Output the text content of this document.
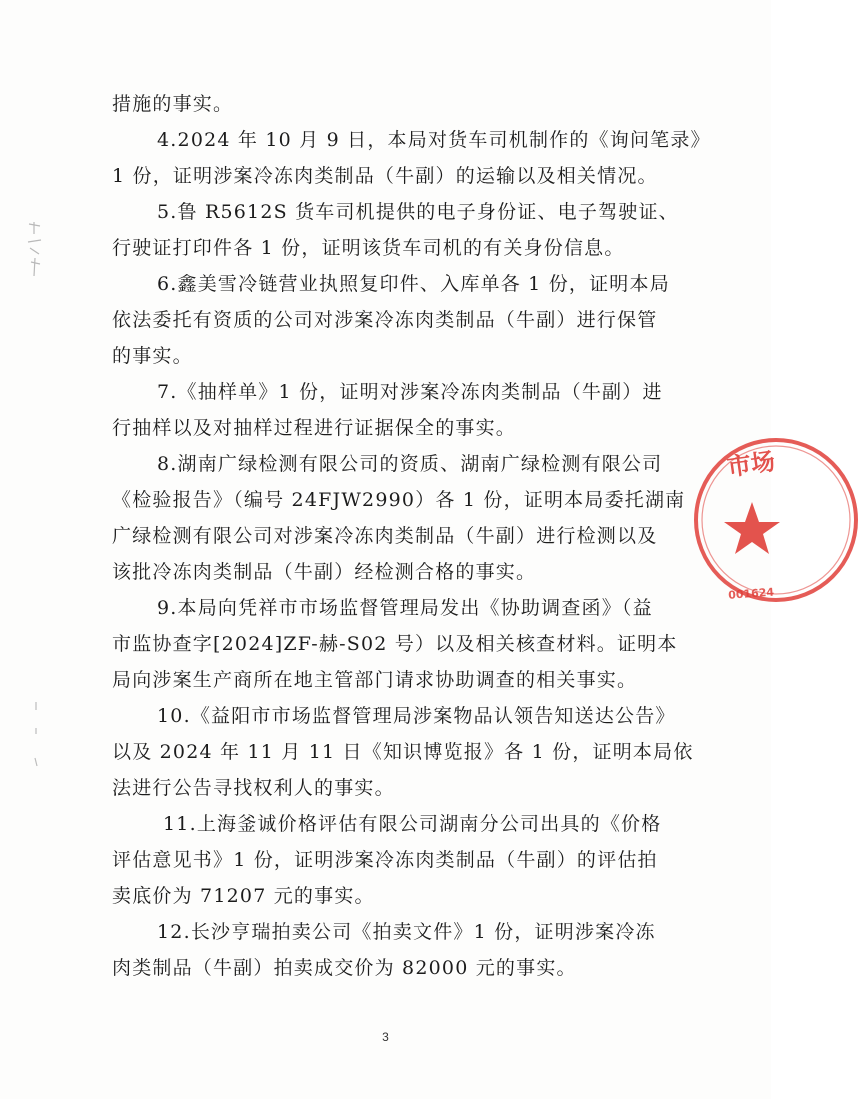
措施的事实。
4.2024 年 10 月 9 日，本局对货车司机制作的《询问笔录》
1 份，证明涉案冷冻肉类制品（牛副）的运输以及相关情况。
5.鲁 R5612S 货车司机提供的电子身份证、电子驾驶证、
行驶证打印件各 1 份，证明该货车司机的有关身份信息。
6.鑫美雪冷链营业执照复印件、入库单各 1 份，证明本局
依法委托有资质的公司对涉案冷冻肉类制品（牛副）进行保管
的事实。
7.《抽样单》1 份，证明对涉案冷冻肉类制品（牛副）进
行抽样以及对抽样过程进行证据保全的事实。
8.湖南广绿检测有限公司的资质、湖南广绿检测有限公司
《检验报告》（编号 24FJW2990）各 1 份，证明本局委托湖南
广绿检测有限公司对涉案冷冻肉类制品（牛副）进行检测以及
该批冷冻肉类制品（牛副）经检测合格的事实。
9.本局向凭祥市市场监督管理局发出《协助调查函》（益
市监协查字[2024]ZF-赫-S02 号）以及相关核查材料。证明本
局向涉案生产商所在地主管部门请求协助调查的相关事实。
10.《益阳市市场监督管理局涉案物品认领告知送达公告》
以及 2024 年 11 月 11 日《知识博览报》各 1 份，证明本局依
法进行公告寻找权利人的事实。
11.上海釜诚价格评估有限公司湖南分公司出具的《价格
评估意见书》1 份，证明涉案冷冻肉类制品（牛副）的评估拍
卖底价为 71207 元的事实。
12.长沙亨瑞拍卖公司《拍卖文件》1 份，证明涉案冷冻
肉类制品（牛副）拍卖成交价为 82000 元的事实。
市场
001624
3
